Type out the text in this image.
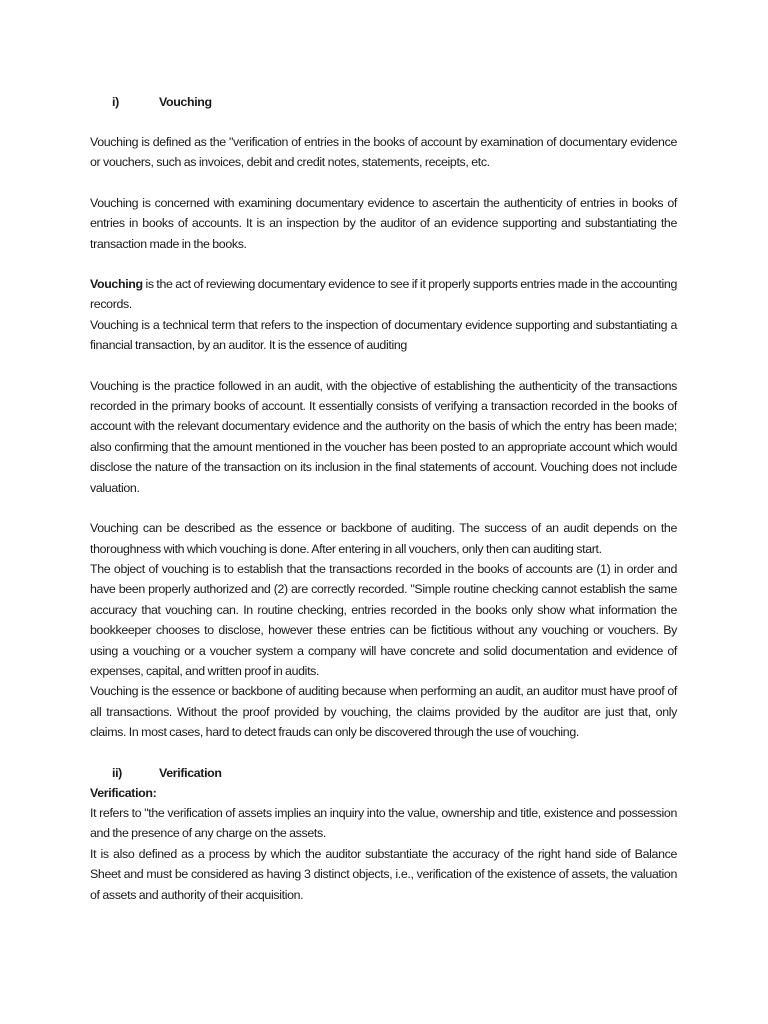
i)	Vouching

Vouching is defined as the "verification of entries in the books of account by examination of documentary evidence or vouchers, such as invoices, debit and credit notes, statements, receipts, etc.

Vouching is concerned with examining documentary evidence to ascertain the authenticity of entries in books of entries in books of accounts. It is an inspection by the auditor of an evidence supporting and substantiating the transaction made in the books.

Vouching is the act of reviewing documentary evidence to see if it properly supports entries made in the accounting records.

Vouching is a technical term that refers to the inspection of documentary evidence supporting and substantiating a financial transaction, by an auditor. It is the essence of auditing

Vouching is the practice followed in an audit, with the objective of establishing the authenticity of the transactions recorded in the primary books of account. It essentially consists of verifying a transaction recorded in the books of account with the relevant documentary evidence and the authority on the basis of which the entry has been made; also confirming that the amount mentioned in the voucher has been posted to an appropriate account which would disclose the nature of the transaction on its inclusion in the final statements of account. Vouching does not include valuation.

Vouching can be described as the essence or backbone of auditing. The success of an audit depends on the thoroughness with which vouching is done. After entering in all vouchers, only then can auditing start.

The object of vouching is to establish that the transactions recorded in the books of accounts are (1) in order and have been properly authorized and (2) are correctly recorded. "Simple routine checking cannot establish the same accuracy that vouching can. In routine checking, entries recorded in the books only show what information the bookkeeper chooses to disclose, however these entries can be fictitious without any vouching or vouchers. By using a vouching or a voucher system a company will have concrete and solid documentation and evidence of expenses, capital, and written proof in audits.

Vouching is the essence or backbone of auditing because when performing an audit, an auditor must have proof of all transactions. Without the proof provided by vouching, the claims provided by the auditor are just that, only claims. In most cases, hard to detect frauds can only be discovered through the use of vouching.

ii)	Verification

Verification:

It refers to "the verification of assets implies an inquiry into the value, ownership and title, existence and possession and the presence of any charge on the assets.

It is also defined as a process by which the auditor substantiate the accuracy of the right hand side of Balance Sheet and must be considered as having 3 distinct objects, i.e., verification of the existence of assets, the valuation of assets and authority of their acquisition.
